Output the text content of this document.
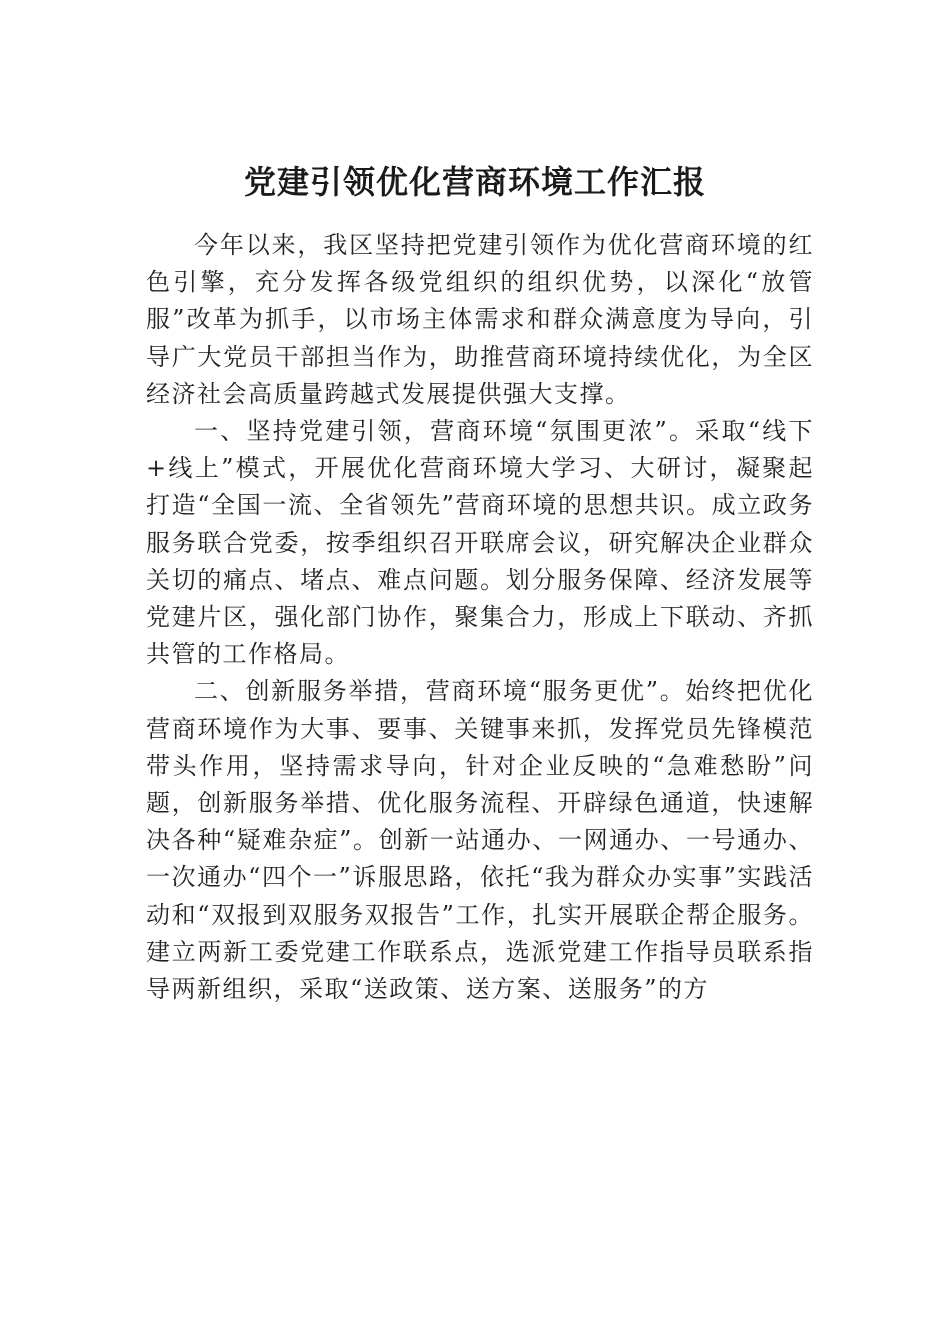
党建引领优化营商环境工作汇报

今年以来，我区坚持把党建引领作为优化营商环境的红色引擎，充分发挥各级党组织的组织优势，以深化“放管服”改革为抓手，以市场主体需求和群众满意度为导向，引导广大党员干部担当作为，助推营商环境持续优化，为全区经济社会高质量跨越式发展提供强大支撑。

一、坚持党建引领，营商环境“氛围更浓”。采取“线下+线上”模式，开展优化营商环境大学习、大研讨，凝聚起打造“全国一流、全省领先”营商环境的思想共识。成立政务服务联合党委，按季组织召开联席会议，研究解决企业群众关切的痛点、堵点、难点问题。划分服务保障、经济发展等党建片区，强化部门协作，聚集合力，形成上下联动、齐抓共管的工作格局。

二、创新服务举措，营商环境“服务更优”。始终把优化营商环境作为大事、要事、关键事来抓，发挥党员先锋模范带头作用，坚持需求导向，针对企业反映的“急难愁盼”问题，创新服务举措、优化服务流程、开辟绿色通道，快速解决各种“疑难杂症”。创新一站通办、一网通办、一号通办、一次通办“四个一”诉服思路，依托“我为群众办实事”实践活动和“双报到双服务双报告”工作，扎实开展联企帮企服务。建立两新工委党建工作联系点，选派党建工作指导员联系指导两新组织，采取“送政策、送方案、送服务”的方
